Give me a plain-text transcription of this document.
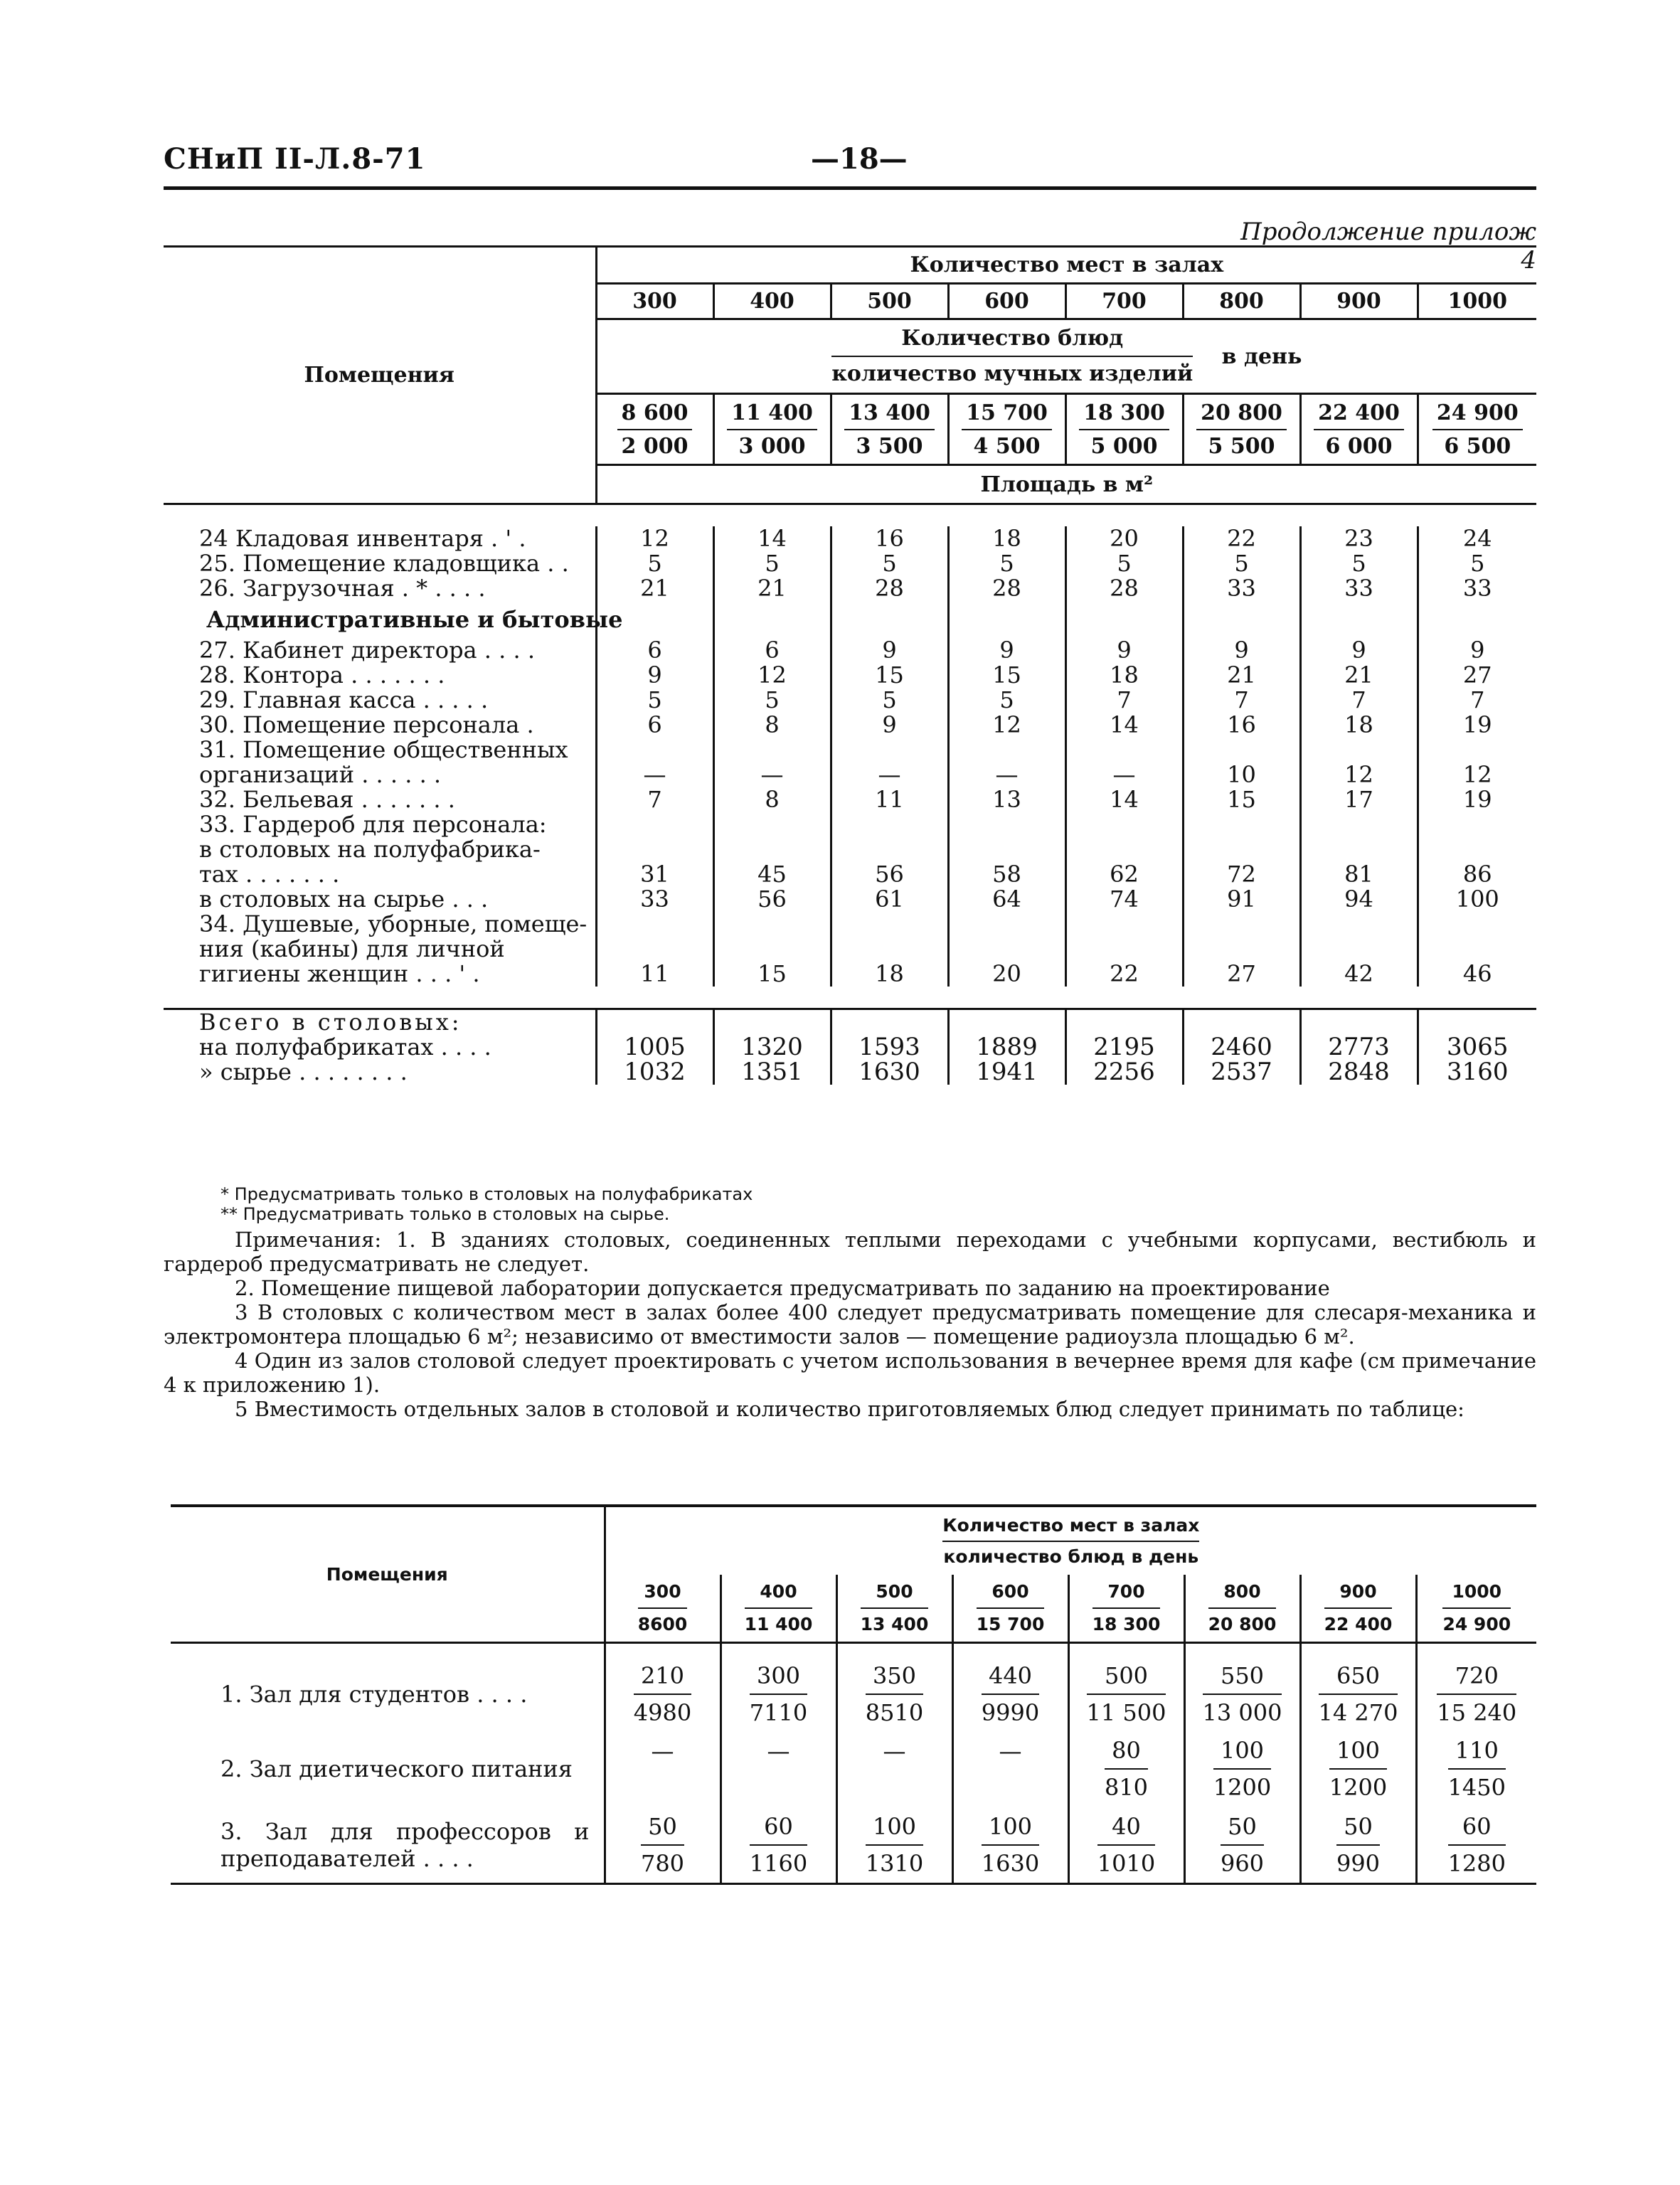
СНиП II-Л.8-71	—18—
Продолжение прилож 4
Помещения	Количество мест в залах							
	300	400	500	600	700	800	900	1000

	Количество блюд
количество мучных изделий
в день							

	$\frac{8 600}{2 000}$	$\frac{11 400}{3 000}$	$\frac{13 400}{3 500}$	$\frac{15 700}{4 500}$	$\frac{18 300}{5 000}$	$\frac{20 800}{5 500}$	$\frac{22 400}{6 000}$	$\frac{24 900}{6 500}$

	Площадь в м²							
24 Кладовая инвентаря . ' .	12	14	16	18	20	22	23	24
25. Помещение кладовщика . .	5	5	5	5	5	5	5	5
26. Загрузочная . * . . . .	21	21	28	28	28	33	33	33
Административные и бытовые								
27. Кабинет директора . . . .	6	6	9	9	9	9	9	9
28. Контора . . . . . . .	9	12	15	15	18	21	21	27
29. Главная касса . . . . .	5	5	5	5	7	7	7	7
30. Помещение персонала .	6	8	9	12	14	16	18	19
31. Помещение общественных								
организаций . . . . . .	—	—	—	—	—	10	12	12
32. Бельевая . . . . . . .	7	8	11	13	14	15	17	19
33. Гардероб для персонала:								
в столовых на полуфабрика-								
тах . . . . . . .	31	45	56	58	62	72	81	86
в столовых на сырье . . .	33	56	61	64	74	91	94	100
34. Душевые, уборные, помеще-								
ния (кабины) для личной								
гигиены женщин . . . ' .	11	15	18	20	22	27	42	46
Всего в столовых:								
на полуфабрикатах . . . .	1005	1320	1593	1889	2195	2460	2773	3065
» сырье . . . . . . . .	1032	1351	1630	1941	2256	2537	2848	3160
* Предусматривать только в столовых на полуфабрикатах
** Предусматривать только в столовых на сырье.
Примечания: 1. В зданиях столовых, соединенных теплыми переходами с учебными корпусами, вестибюль и гардероб предусматривать не следует.
2. Помещение пищевой лаборатории допускается предусматривать по заданию на проектирование
3 В столовых с количеством мест в залах более 400 следует предусматривать помещение для слесаря-механика и электромонтера площадью 6 м²; независимо от вместимости залов — помещение радиоузла площадью 6 м².
4 Один из залов столовой следует проектировать с учетом использования в вечернее время для кафе (см примечание 4 к приложению 1).
5 Вместимость отдельных залов в столовой и количество приготовляемых блюд следует принимать по таблице:
Помещения	Количество мест в залах
количество блюд в день							

	$\frac{300}{8600}$	$\frac{400}{11 400}$	$\frac{500}{13 400}$	$\frac{600}{15 700}$	$\frac{700}{18 300}$	$\frac{800}{20 800}$	$\frac{900}{22 400}$	$\frac{1000}{24 900}$

1. Зал для студентов . . . .	$\frac{210}{4980}$	$\frac{300}{7110}$	$\frac{350}{8510}$	$\frac{440}{9990}$	$\frac{500}{11 500}$	$\frac{550}{13 000}$	$\frac{650}{14 270}$	$\frac{720}{15 240}$

2. Зал диетического питания	—	—	—	—	$\frac{80}{810}$	$\frac{100}{1200}$	$\frac{100}{1200}$	$\frac{110}{1450}$

3. Зал для профессоров и преподавателей . . . .	$\frac{50}{780}$	$\frac{60}{1160}$	$\frac{100}{1310}$	$\frac{100}{1630}$	$\frac{40}{1010}$	$\frac{50}{960}$	$\frac{50}{990}$	$\frac{60}{1280}$
